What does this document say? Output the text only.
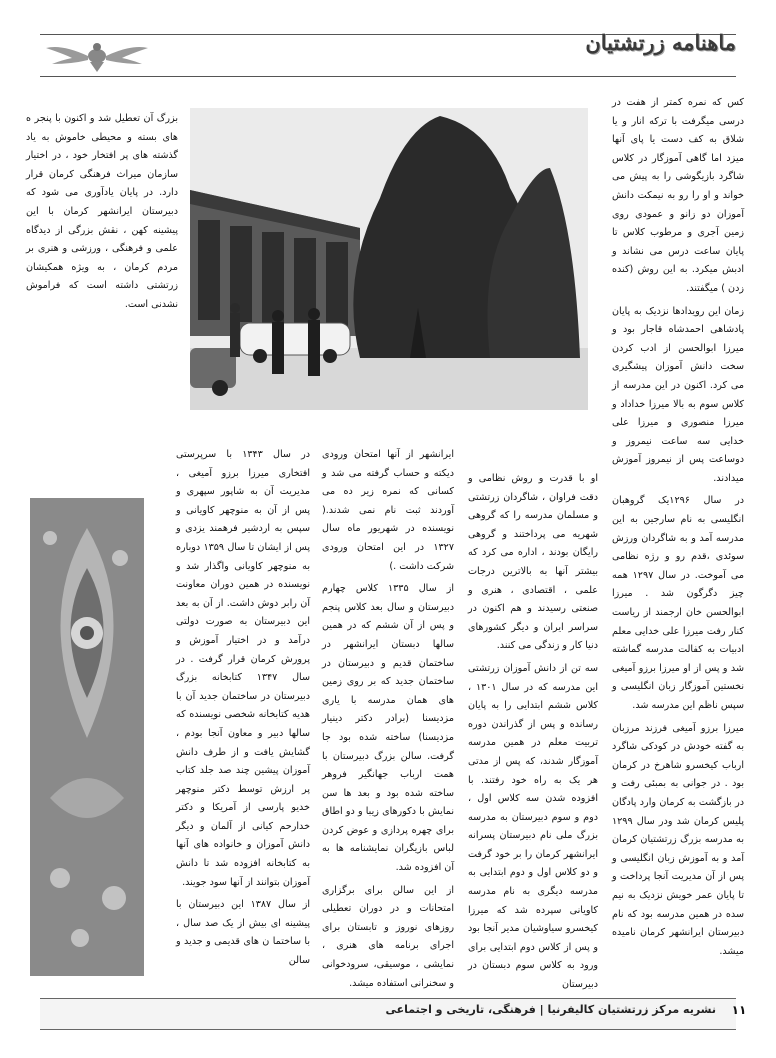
ماهنامه زرتشتیان

بزرگ آن تعطیل شد و اکنون با پنجر ه های بسته و محیطی خاموش به یاد گذشته های پر افتخار خود ، در اختیار سازمان میراث فرهنگی کرمان قرار دارد. در پایان یادآوری می شود که دبیرستان ایرانشهر کرمان با این پیشینه کهن ، نقش بزرگی از دیدگاه علمی و فرهنگی ، ورزشی و هنری بر مردم کرمان ، به ویژه همکیشان زرتشتی داشته است که فراموش نشدنی است.

کس که نمره کمتر از هفت در درسی میگرفت با ترکه انار و یا شلاق به کف دست یا پای آنها میزد اما گاهی آموزگار در کلاس شاگرد بازیگوشی را به پیش می خواند و او را رو به نیمکت دانش آموزان دو زانو و عمودی روی زمین آجری و مرطوب کلاس تا پایان ساعت درس می نشاند و ادبش میکرد. به این روش (کنده زدن ) میگفتند.

زمان این رویدادها نزدیک به پایان پادشاهی احمدشاه قاجار بود و میرزا ابوالحسن از ادب کردن سخت دانش آموزان پیشگیری می کرد. اکنون در این مدرسه از کلاس سوم به بالا میرزا خداداد و میرزا منصوری و میرزا علی خدایی سه ساعت نیمروز و دوساعت پس از نیمروز آموزش میدادند.

در سال ۱۲۹۶یک گروهبان انگلیسی به نام سارجین به این مدرسه آمد و به شاگردان ورزش سوئدی ،قدم رو و رژه نظامی می آموخت. در سال ۱۲۹۷ همه چیز دگرگون شد . میرزا ابوالحسن خان ارجمند از ریاست کنار رفت میرزا علی خدایی معلم ادبیات به کفالت مدرسه گماشته شد و پس از او میرزا برزو آمیغی نخستین آموزگار زبان انگلیسی و سپس ناظم این مدرسه شد.

میرزا برزو آمیغی فرزند مرزبان به گفته خودش در کودکی شاگرد ارباب کیخسرو شاهرخ در کرمان بود . در جوانی به بمبئی رفت و در بازگشت به کرمان وارد پادگان پلیس کرمان شد ودر سال ۱۲۹۹ به مدرسه بزرگ زرتشتیان کرمان آمد و به آموزش زبان انگلیسی و پس از آن مدیریت آنجا پرداخت و تا پایان عمر خویش نزدیک به نیم سده در همین مدرسه بود که نام دبیرستان ایرانشهر کرمان نامیده میشد.

او با قدرت و روش نظامی و دقت فراوان ، شاگردان زرتشتی و مسلمان مدرسه را که گروهی شهریه می پرداختند و گروهی رایگان بودند ، اداره می کرد که بیشتر آنها به بالاترین درجات علمی ، اقتصادی ، هنری و صنعتی رسیدند و هم اکنون در سراسر ایران و دیگر کشورهای دنیا کار و زندگی می کنند.

سه تن از دانش آموزان زرتشتی این مدرسه که در سال ۱۳۰۱ ، کلاس ششم ابتدایی را به پایان رسانده و پس از گذراندن دوره تربیت معلم در همین مدرسه آموزگار شدند، که پس از مدتی هر یک به راه خود رفتند. با افزوده شدن سه کلاس اول ، دوم و سوم دبیرستان به مدرسه بزرگ ملی نام دبیرستان پسرانه ایرانشهر کرمان را بر خود گرفت و دو کلاس اول و دوم ابتدایی به مدرسه دیگری به نام مدرسه کاویانی سپرده شد که میرزا کیخسرو سیاوشیان مدیر آنجا بود و پس از کلاس دوم ابتدایی برای ورود به کلاس سوم دبستان در دبیرستان

ایرانشهر از آنها امتحان ورودی دیکته و حساب گرفته می شد و کسانی که نمره زیر ده می آوردند ثبت نام نمی شدند.( نویسنده در شهریور ماه سال ۱۳۲۷ در این امتحان ورودی شرکت داشت .)

از سال ۱۳۳۵ کلاس چهارم دبیرستان و سال بعد کلاس پنجم و پس از آن ششم که در همین سالها دبستان ایرانشهر در ساختمان قدیم و دبیرستان در ساختمان جدید که بر روی زمین های همان مدرسه با یاری مزدیسنا (برادر دکتر دینیار مزدیسنا) ساخته شده بود جا گرفت. سالن بزرگ دبیرستان با همت ارباب جهانگیر فروهر ساخته شده بود و بعد ها سن نمایش با دکورهای زیبا و دو اطاق برای چهره پردازی و عوض کردن لباس بازیگران نمایشنامه ها به آن افزوده شد.

از این سالن برای برگزاری امتحانات و در دوران تعطیلی روزهای نوروز و تابستان برای اجرای برنامه های هنری ، نمایشی ، موسیقی، سرودخوانی و سخنرانی استفاده میشد.

در سال ۱۳۴۳ با سرپرستی افتخاری میرزا برزو آمیغی ، مدیریت آن به شاپور سپهری و پس از آن به منوچهر کاویانی و سپس به اردشیر فرهمند یزدی و پس از ایشان تا سال ۱۳۵۹ دوباره به منوچهر کاویانی واگذار شد و نویسنده در همین دوران معاونت آن رابر دوش داشت. از آن به بعد این دبیرستان به صورت دولتی درآمد و در اختیار آموزش و پرورش کرمان قرار گرفت . در سال ۱۳۴۷ کتابخانه بزرگ دبیرستان در ساختمان جدید آن با هدیه کتابخانه شخصی نویسنده که سالها دبیر و معاون آنجا بودم ، گشایش یافت و از طرف دانش آموزان پیشین چند صد جلد کتاب پر ارزش توسط دکتر منوچهر خدیو پارسی از آمریکا و دکتر خدارحم کیانی از آلمان و دیگر دانش آموزان و خانواده های آنها به کتابخانه افزوده شد تا دانش آموزان بتوانند از آنها سود جویند.

از سال ۱۳۸۷ این دبیرستان با پیشینه ای بیش از یک صد سال ، با ساختما ن های قدیمی و جدید و سالن

نشریه مرکز زرتشتیان کالیفرنیا | فرهنگی، تاریخی و اجتماعی	۱۱
